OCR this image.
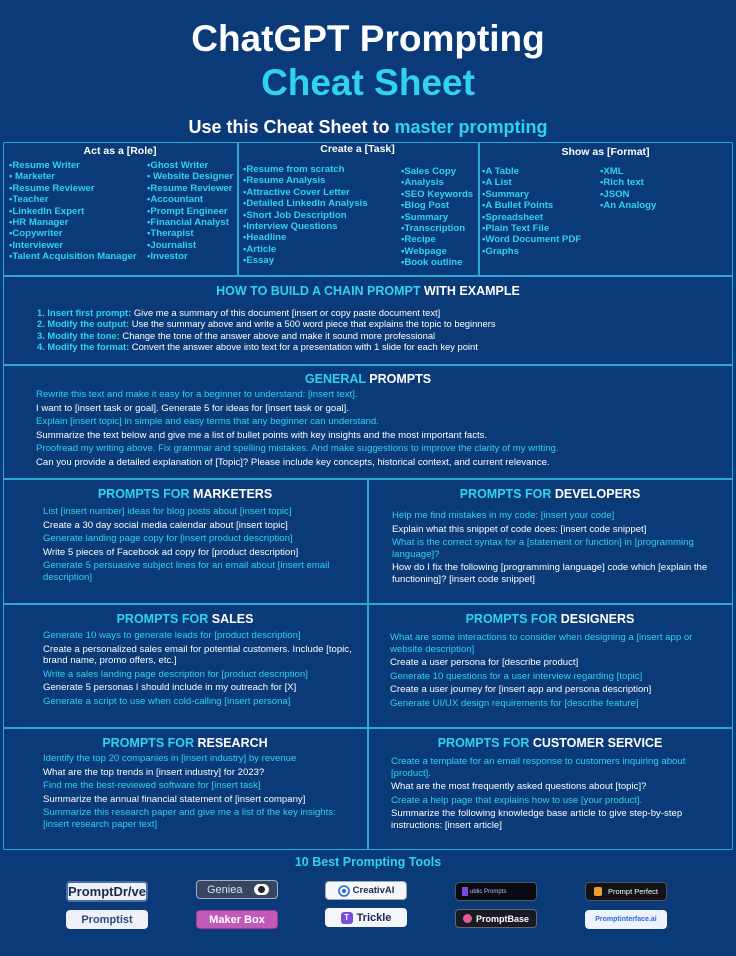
ChatGPT Prompting
Cheat Sheet
Use this Cheat Sheet to master prompting
Act as a [Role]
•Resume Writer
• Marketer
•Resume Reviewer
•Teacher
•LinkedIn Expert
•HR Manager
•Copywriter
•Interviewer
•Talent Acquisition Manager
•Ghost Writer
• Website Designer
•Resume Reviewer
•Accountant
•Prompt Engineer
•Financial Analyst
•Therapist
•Journalist
•Investor
Create a [Task]
•Resume from scratch
•Resume Analysis
•Attractive Cover Letter
•Detailed LinkedIn Analysis
•Short Job Description
•Interview Questions
•Headline
•Article
•Essay
•Sales Copy
•Analysis
•SEO Keywords
•Blog Post
•Summary
•Transcription
•Recipe
•Webpage
•Book outline
Show as [Format]
•A Table
•A List
•Summary
•A Bullet Points
•Spreadsheet
•Plain Text File
•Word Document PDF
•Graphs
•XML
•Rich text
•JSON
•An Analogy
HOW TO BUILD A CHAIN PROMPT WITH EXAMPLE
1. Insert first prompt: Give me a summary of this document [insert or copy paste document text]
2. Modify the output: Use the summary above and write a 500 word piece that explains the topic to beginners
3. Modify the tone: Change the tone of the answer above and make it sound more professional
4. Modify the format: Convert the answer above into text for a presentation with 1 slide for each key point
GENERAL PROMPTS
Rewrite this text and make it easy for a beginner to understand: [insert text].
I want to [insert task or goal]. Generate 5 for ideas for [insert task or goal].
Explain [insert topic] in simple and easy terms that any beginner can understand.
Summarize the text below and give me a list of bullet points with key insights and the most important facts.
Proofread my writing above. Fix grammar and spelling mistakes. And make suggestions to improve the clarity of my writing.
Can you provide a detailed explanation of [Topic]? Please include key concepts, historical context, and current relevance.
PROMPTS FOR MARKETERS
List [insert number] ideas for blog posts about [insert topic]
Create a 30 day social media calendar about [insert topic]
Generate landing page copy for [insert product description]
Write 5 pieces of Facebook ad copy for [product description]
Generate 5 persuasive subject lines for an email about [insert email description]
PROMPTS FOR DEVELOPERS
Help me find mistakes in my code: [insert your code]
Explain what this snippet of code does: [insert code snippet]
What is the correct syntax for a [statement or function] in [programming language]?
How do I fix the following [programming language] code which [explain the functioning]? [insert code snippet]
PROMPTS FOR SALES
Generate 10 ways to generate leads for [product description]
Create a personalized sales email for potential customers. Include [topic, brand name, promo offers, etc.]
Write a sales landing page description for [product description]
Generate 5 personas I should include in my outreach for [X]
Generate a script to use when cold-calling [insert persona]
PROMPTS FOR DESIGNERS
What are some interactions to consider when designing a [insert app or website description]
Create a user persona for [describe product]
Generate 10 questions for a user interview regarding [topic]
Create a user journey for [insert app and persona description]
Generate UI/UX design requirements for [describe feature]
PROMPTS FOR RESEARCH
Identify the top 20 companies in [insert industry] by revenue
What are the top trends in [insert industry] for 2023?
Find me the best-reviewed software for [insert task]
Summarize the annual financial statement of [insert company]
Summarize this research paper and give me a list of the key insights: [insert research paper text]
PROMPTS FOR CUSTOMER SERVICE
Create a template for an email response to customers inquiring about [product].
What are the most frequently asked questions about [topic]?
Create a help page that explains how to use [your product].
Summarize the following knowledge base article to give step-by-step instructions: [insert article]
10 Best Prompting Tools
PromptDr/ve	Geniea	CreativAI	ublic Prompts	Prompt Perfect
Promptist	Maker Box	T Trickle	PromptBase	Promptinterface.ai
